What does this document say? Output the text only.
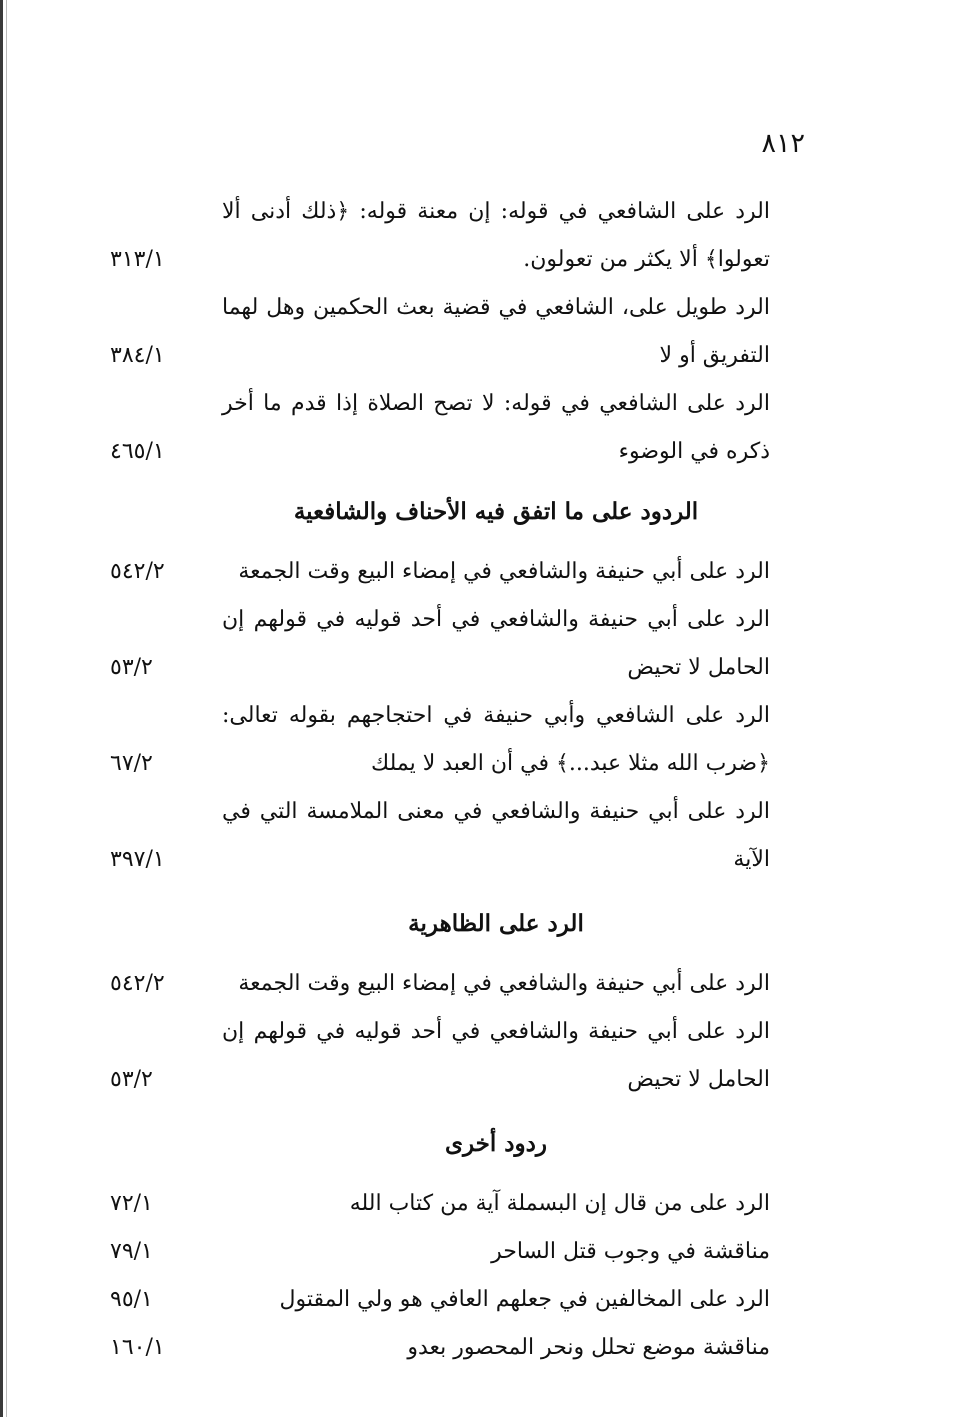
٨١٢
الرد على الشافعي في قوله: إن معنة قوله: ﴿ذلك أدنى ألا تعولوا﴾ ألا يكثر من تعولون.
٣١٣/١
الرد طويل على، الشافعي في قضية بعث الحكمين وهل لهما التفريق أو لا
٣٨٤/١
الرد على الشافعي في قوله: لا تصح الصلاة إذا قدم ما أخر ذكره في الوضوء
٤٦٥/١
الردود على ما اتفق فيه الأحناف والشافعية
الرد على أبي حنيفة والشافعي في إمضاء البيع وقت الجمعة
٥٤٢/٢
الرد على أبي حنيفة والشافعي في أحد قوليه في قولهم إن الحامل لا تحيض
٥٣/٢
الرد على الشافعي وأبي حنيفة في احتجاجهم بقوله تعالى: ﴿ضرب الله مثلا عبد...﴾ في أن العبد لا يملك
٦٧/٢
الرد على أبي حنيفة والشافعي في معنى الملامسة التي في الآية
٣٩٧/١
الرد على الظاهرية
الرد على أبي حنيفة والشافعي في إمضاء البيع وقت الجمعة
٥٤٢/٢
الرد على أبي حنيفة والشافعي في أحد قوليه في قولهم إن الحامل لا تحيض
٥٣/٢
ردود أخرى
الرد على من قال إن البسملة آية من كتاب الله
٧٢/١
مناقشة في وجوب قتل الساحر
٧٩/١
الرد على المخالفين في جعلهم العافي هو ولي المقتول
٩٥/١
مناقشة موضع تحلل ونحر المحصور بعدو
١٦٠/١
